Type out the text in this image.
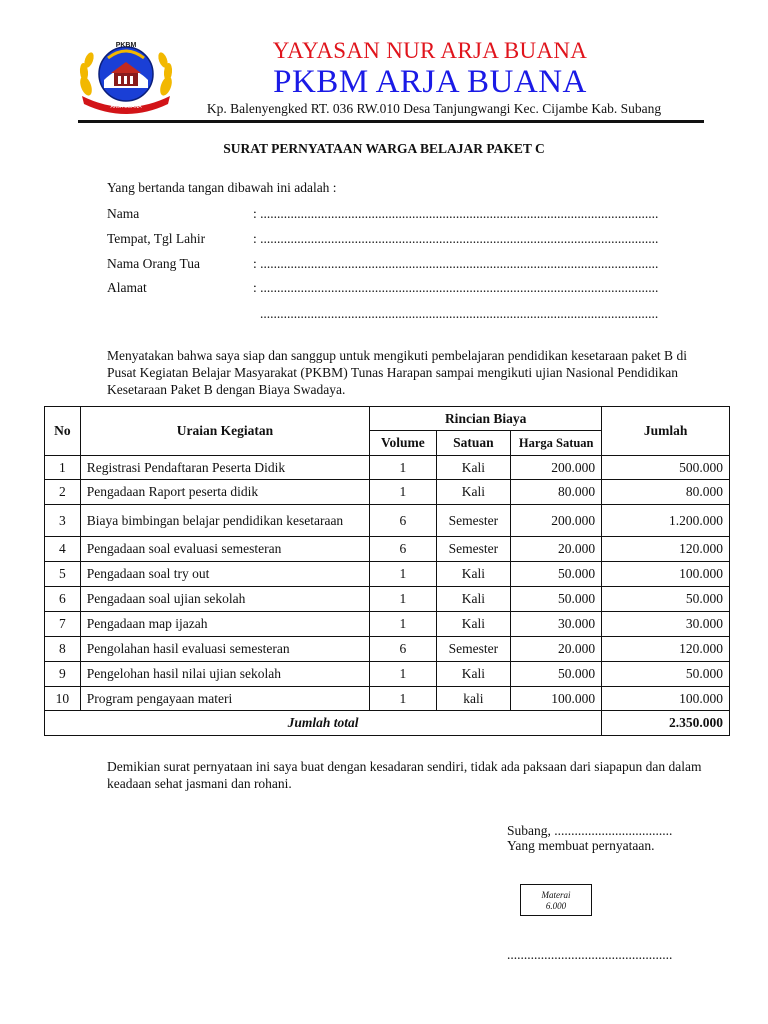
ARJA BUANA
PKBM	YAYASAN NUR ARJA BUANA
PKBM ARJA BUANA
Kp. Balenyengked RT. 036 RW.010 Desa Tanjungwangi Kec. Cijambe Kab. Subang
SURAT PERNYATAAN WARGA BELAJAR PAKET C
Yang bertanda tangan dibawah ini adalah :
Nama	: ......................................................................................................................
Tempat, Tgl Lahir	: ......................................................................................................................
Nama Orang Tua	: ......................................................................................................................
Alamat	: ......................................................................................................................
......................................................................................................................
Menyatakan bahwa saya siap dan sanggup untuk mengikuti pembelajaran pendidikan kesetaraan paket B di Pusat Kegiatan Belajar Masyarakat (PKBM) Tunas Harapan sampai mengikuti ujian Nasional Pendidikan Kesetaraan Paket B dengan Biaya Swadaya.
No	Uraian Kegiatan	Rincian Biaya			Jumlah
		Volume	Satuan	Harga Satuan	
1	Registrasi Pendaftaran Peserta Didik	1	Kali	200.000	500.000
2	Pengadaan Raport peserta didik	1	Kali	80.000	80.000
3	Biaya bimbingan belajar pendidikan kesetaraan	6	Semester	200.000	1.200.000
4	Pengadaan soal evaluasi semesteran	6	Semester	20.000	120.000
5	Pengadaan soal try out	1	Kali	50.000	100.000
6	Pengadaan soal ujian sekolah	1	Kali	50.000	50.000
7	Pengadaan map ijazah	1	Kali	30.000	30.000
8	Pengolahan hasil evaluasi semesteran	6	Semester	20.000	120.000
9	Pengelohan hasil nilai ujian sekolah	1	Kali	50.000	50.000
10	Program pengayaan materi	1	kali	100.000	100.000
Jumlah total					2.350.000
Demikian surat pernyataan ini saya buat dengan kesadaran sendiri, tidak ada paksaan dari siapapun dan dalam keadaan sehat jasmani dan rohani.
Subang, ...................................
Yang membuat pernyataan.
Materai
6.000
.................................................
